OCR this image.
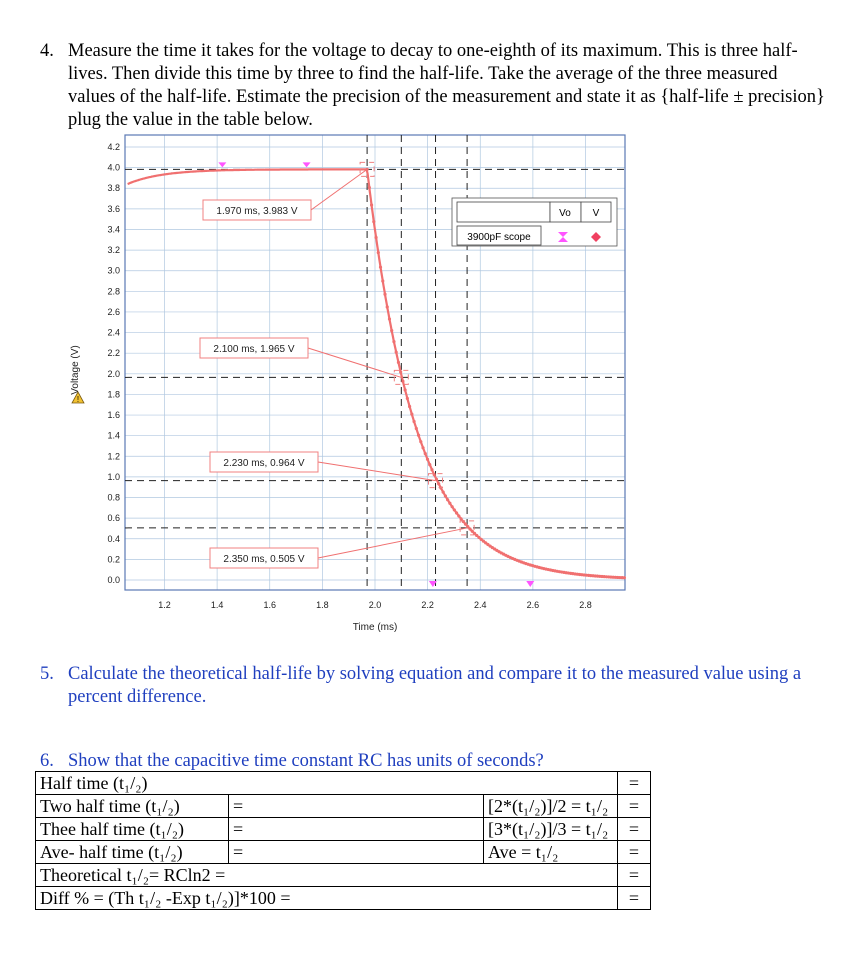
4. Measure the time it takes for the voltage to decay to one-eighth of its maximum. This is three half-lives. Then divide this time by three to find the half-life. Take the average of the three measured values of the half-life. Estimate the precision of the measurement and state it as {half-life ± precision} plug the value in the table below.
1.970 ms, 3.983 V
2.100 ms, 1.965 V
2.230 ms, 0.964 V
2.350 ms, 0.505 V
1.2	1.4	1.6	1.8	2.0	2.2	2.4	2.6	2.8
0.0
0.2
0.4
0.6
0.8
1.0
1.2
1.4
1.6
1.8
2.0
2.2
2.4
2.6
2.8
3.0
3.2
3.4
3.6
3.8
4.0
4.2
Time (ms)
Voltage (V)
!
Vo V
3900pF scope
5. Calculate the theoretical half-life by solving equation and compare it to the measured value using a percent difference.
6. Show that the capacitive time constant RC has units of seconds?
Half time (t₁/₂)			=
Two half time (t₁/₂)	=	[2*(t₁/₂)]/2 = t₁/₂	=
Thee half time (t₁/₂)	=	[3*(t₁/₂)]/3 = t₁/₂	=
Ave- half time (t₁/₂)	=	Ave = t₁/₂	=
Theoretical t₁/₂= RCln2 =			=
Diff % = (Th t₁/₂ -Exp t₁/₂)]*100 =			=
